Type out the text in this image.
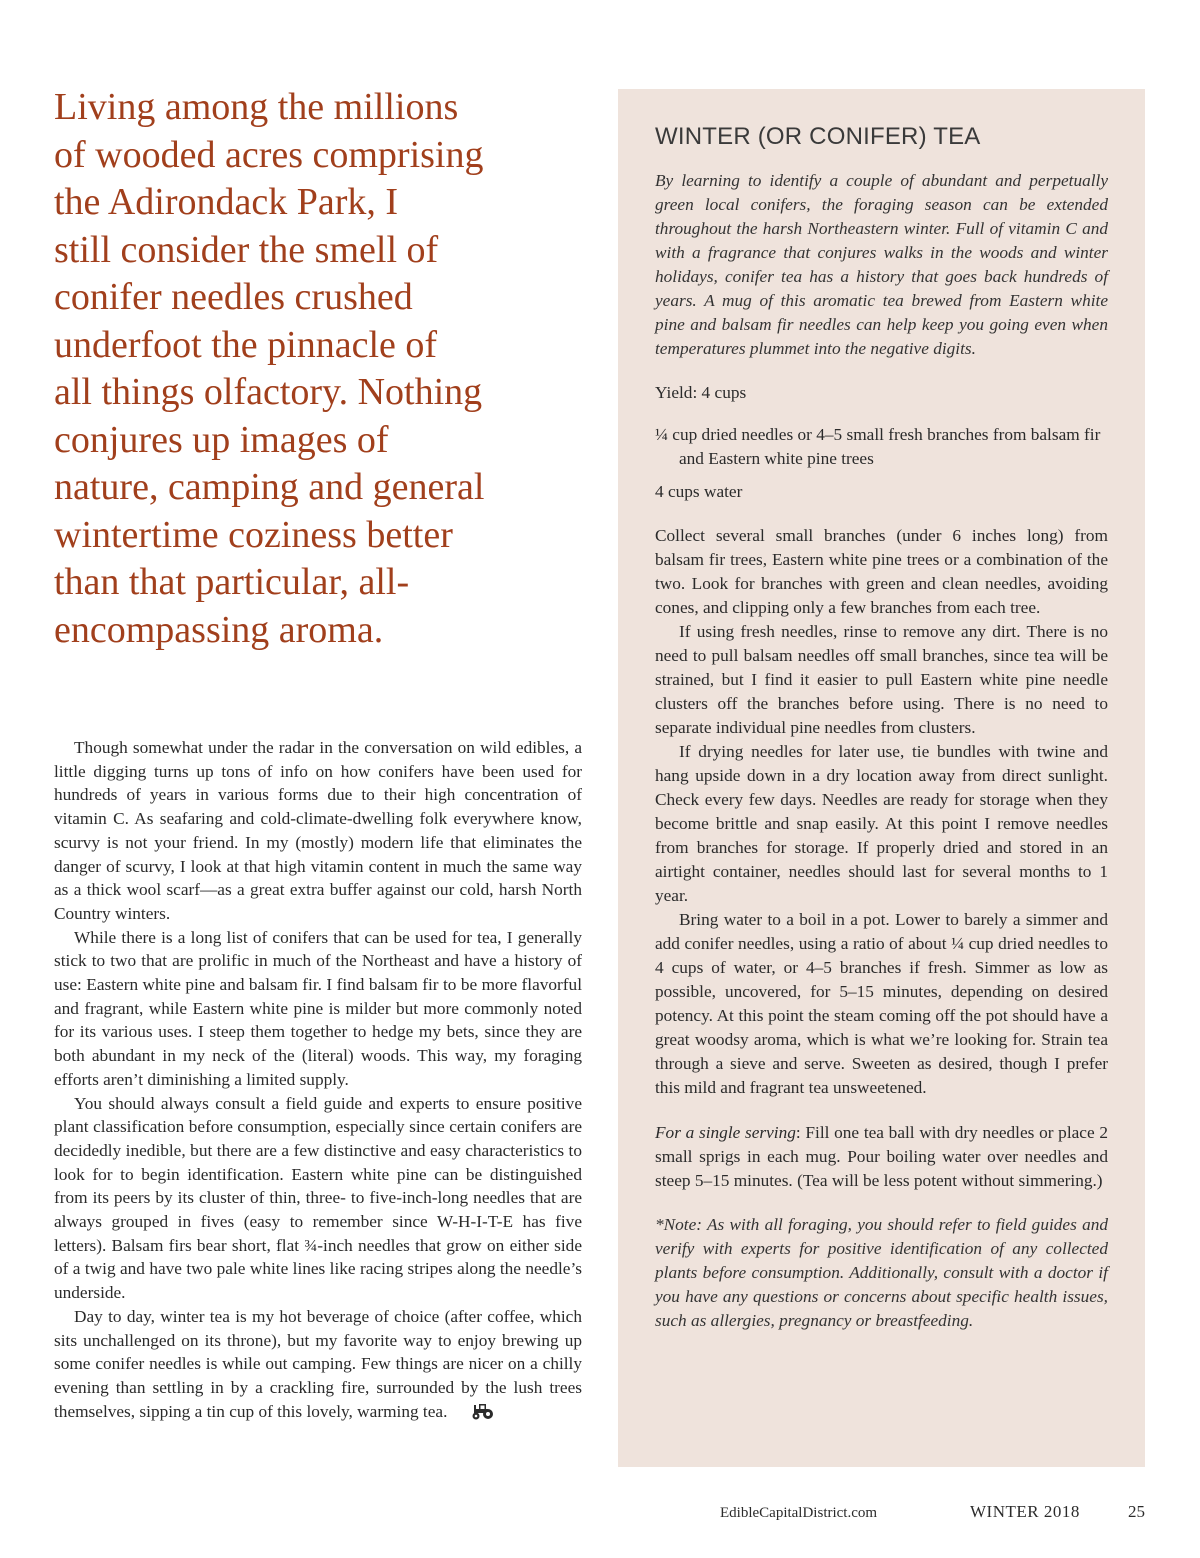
Living among the millions
of wooded acres comprising
the Adirondack Park, I
still consider the smell of
conifer needles crushed
underfoot the pinnacle of
all things olfactory. Nothing
conjures up images of
nature, camping and general
wintertime coziness better
than that particular, all-
encompassing aroma.

Though somewhat under the radar in the conversation on wild edibles, a little digging turns up tons of info on how conifers have been used for hundreds of years in various forms due to their high concentration of vitamin C. As seafaring and cold-climate-dwelling folk everywhere know, scurvy is not your friend. In my (mostly) modern life that eliminates the danger of scurvy, I look at that high vitamin content in much the same way as a thick wool scarf—as a great extra buffer against our cold, harsh North Country winters.

While there is a long list of conifers that can be used for tea, I generally stick to two that are prolific in much of the Northeast and have a history of use: Eastern white pine and balsam fir. I find balsam fir to be more flavorful and fragrant, while Eastern white pine is milder but more commonly noted for its various uses. I steep them together to hedge my bets, since they are both abundant in my neck of the (literal) woods. This way, my foraging efforts aren’t diminishing a limited supply.

You should always consult a field guide and experts to ensure positive plant classification before consumption, especially since certain conifers are decidedly inedible, but there are a few distinctive and easy characteristics to look for to begin identification. Eastern white pine can be distinguished from its peers by its cluster of thin, three- to five-inch-long needles that are always grouped in fives (easy to remember since W-H-I-T-E has five letters). Balsam firs bear short, flat ¾-inch needles that grow on either side of a twig and have two pale white lines like racing stripes along the needle’s underside.

Day to day, winter tea is my hot beverage of choice (after coffee, which sits unchallenged on its throne), but my favorite way to enjoy brewing up some conifer needles is while out camping. Few things are nicer on a chilly evening than settling in by a crackling fire, surrounded by the lush trees themselves, sipping a tin cup of this lovely, warming tea.

WINTER (OR CONIFER) TEA

By learning to identify a couple of abundant and perpetually green local conifers, the foraging season can be extended throughout the harsh Northeastern winter. Full of vitamin C and with a fragrance that conjures walks in the woods and winter holidays, conifer tea has a history that goes back hundreds of years. A mug of this aromatic tea brewed from Eastern white pine and balsam fir needles can help keep you going even when temperatures plummet into the negative digits.

Yield: 4 cups

¼ cup dried needles or 4–5 small fresh branches from balsam fir and Eastern white pine trees
4 cups water

Collect several small branches (under 6 inches long) from balsam fir trees, Eastern white pine trees or a combination of the two. Look for branches with green and clean needles, avoiding cones, and clipping only a few branches from each tree.

If using fresh needles, rinse to remove any dirt. There is no need to pull balsam needles off small branches, since tea will be strained, but I find it easier to pull Eastern white pine needle clusters off the branches before using. There is no need to separate individual pine needles from clusters.

If drying needles for later use, tie bundles with twine and hang upside down in a dry location away from direct sunlight. Check every few days. Needles are ready for storage when they become brittle and snap easily. At this point I remove needles from branches for storage. If properly dried and stored in an airtight container, needles should last for several months to 1 year.

Bring water to a boil in a pot. Lower to barely a simmer and add conifer needles, using a ratio of about ¼ cup dried needles to 4 cups of water, or 4–5 branches if fresh. Simmer as low as possible, uncovered, for 5–15 minutes, depending on desired potency. At this point the steam coming off the pot should have a great woodsy aroma, which is what we’re looking for. Strain tea through a sieve and serve. Sweeten as desired, though I prefer this mild and fragrant tea unsweetened.

For a single serving: Fill one tea ball with dry needles or place 2 small sprigs in each mug. Pour boiling water over needles and steep 5–15 minutes. (Tea will be less potent without simmering.)

*Note: As with all foraging, you should refer to field guides and verify with experts for positive identification of any collected plants before consumption. Additionally, consult with a doctor if you have any questions or concerns about specific health issues, such as allergies, pregnancy or breastfeeding.

EdibleCapitalDistrict.com	WINTER 2018	25
